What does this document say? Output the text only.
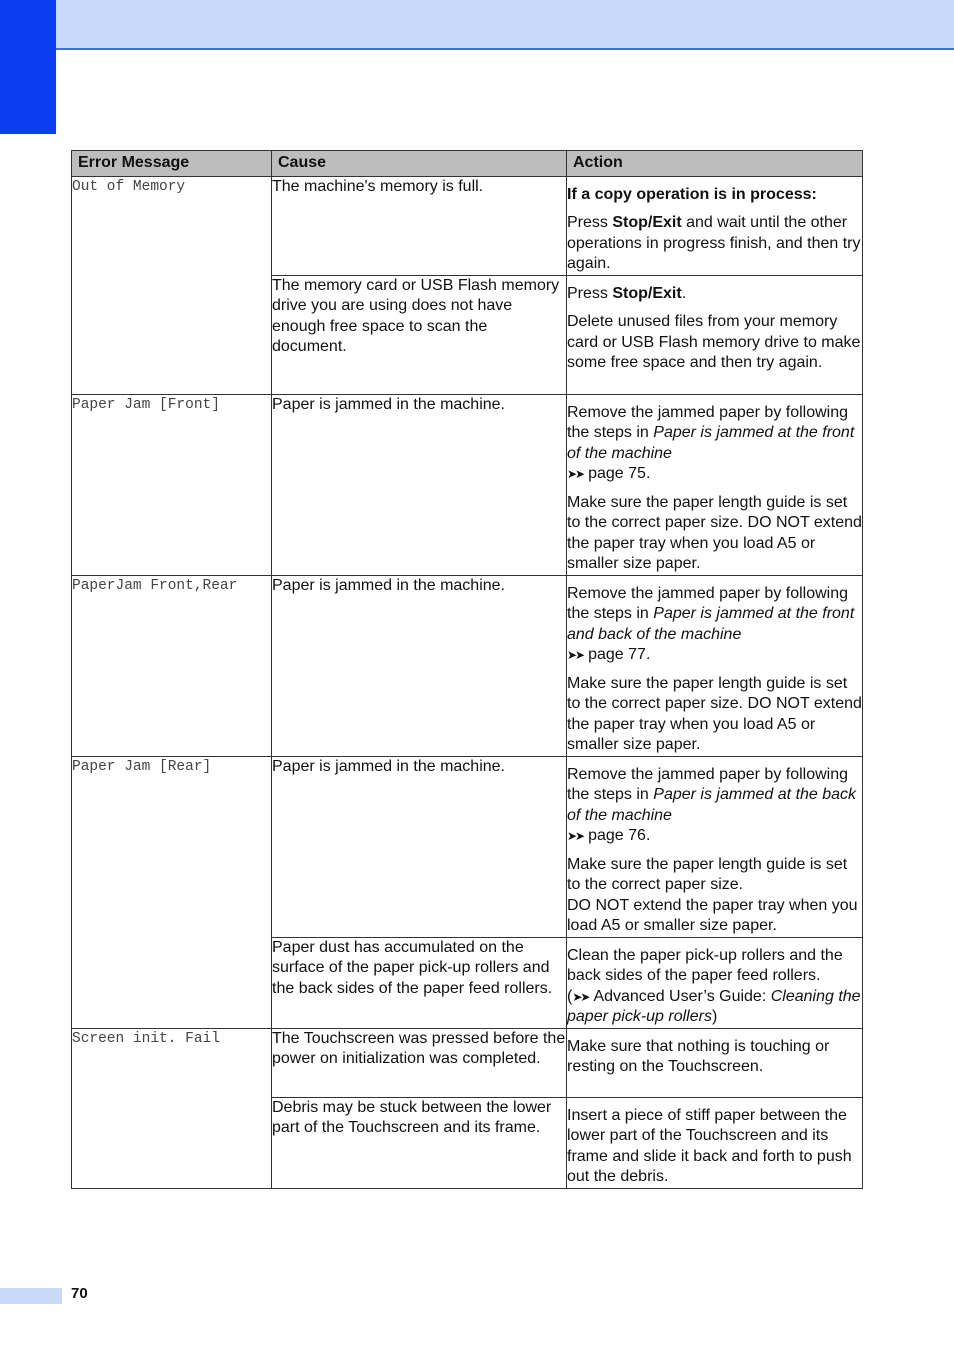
Error Message	Cause	Action
Out of Memory	The machine's memory is full.	If a copy operation is in process:

Press Stop/Exit and wait until the other operations in progress finish, and then try again.

	The memory card or USB Flash memory drive you are using does not have enough free space to scan the document.	Press Stop/Exit.

Delete unused files from your memory card or USB Flash memory drive to make some free space and then try again.

Paper Jam [Front]	Paper is jammed in the machine.	Remove the jammed paper by following the steps in Paper is jammed at the front of the machine
➤➤ page 75.

Make sure the paper length guide is set to the correct paper size. DO NOT extend the paper tray when you load A5 or smaller size paper.

PaperJam Front,Rear	Paper is jammed in the machine.	Remove the jammed paper by following the steps in Paper is jammed at the front and back of the machine
➤➤ page 77.

Make sure the paper length guide is set to the correct paper size. DO NOT extend the paper tray when you load A5 or smaller size paper.

Paper Jam [Rear]	Paper is jammed in the machine.	Remove the jammed paper by following the steps in Paper is jammed at the back of the machine
➤➤ page 76.

Make sure the paper length guide is set to the correct paper size.
DO NOT extend the paper tray when you load A5 or smaller size paper.

	Paper dust has accumulated on the surface of the paper pick-up rollers and the back sides of the paper feed rollers.	Clean the paper pick-up rollers and the back sides of the paper feed rollers. (➤➤ Advanced User’s Guide: Cleaning the paper pick-up rollers)

Screen init. Fail	The Touchscreen was pressed before the power on initialization was completed.	Make sure that nothing is touching or resting on the Touchscreen.

	Debris may be stuck between the lower part of the Touchscreen and its frame.	Insert a piece of stiff paper between the lower part of the Touchscreen and its frame and slide it back and forth to push out the debris.

70
